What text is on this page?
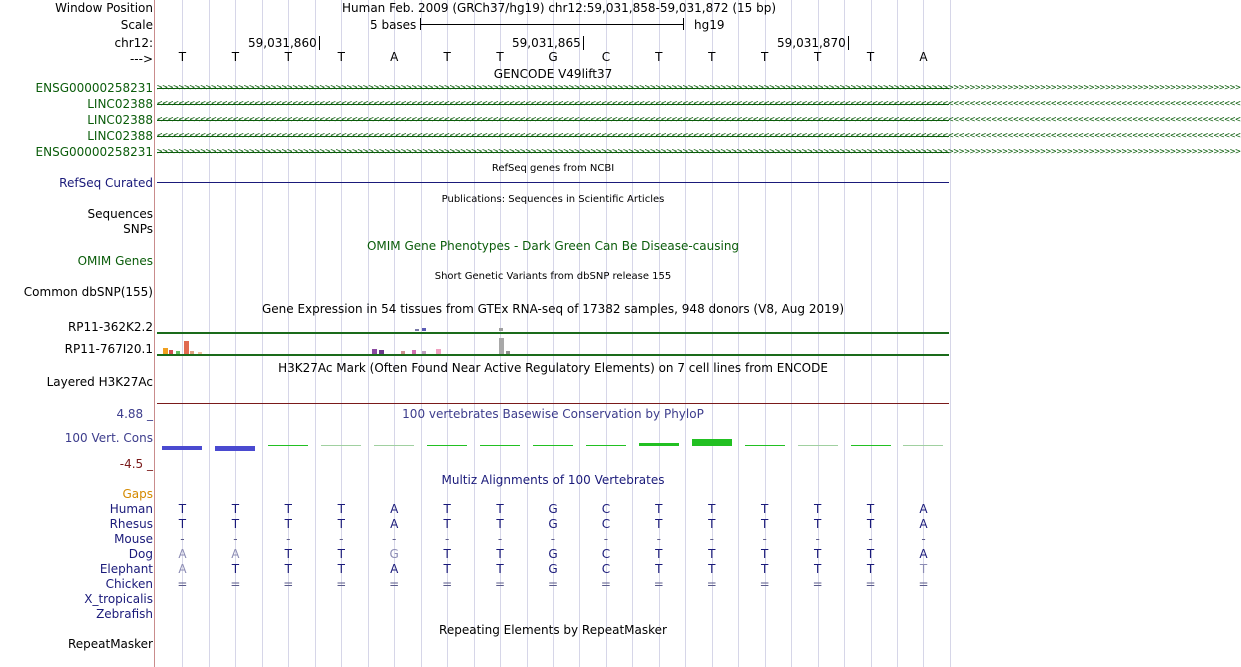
Window Position	Human Feb. 2009 (GRCh37/hg19) chr12:59,031,858-59,031,872 (15 bp)
Scale	5 bases	hg19
chr12:	59,031,860	59,031,865	59,031,870
--->	T	T	T	T	A	T	T	G	C	T	T	T	T	T	A
GENCODE V49lift37
ENSG00000258231 >>>>>>>>>>>>>>>>>>>>>>>>>>>>>>>>>>>>>>>>>>>>>>>>>>>>>>>>>>>>>>>>>>>>>>>>>>>>>>>>>>>>>>>>>>>>>>>>>>>>>>>>>>>>>>>>>>>>>>>>>>>>>>>>>>>>>>>>>>>>>>>>>>>>>>>>>>>>>>>>>>>>>>>>>>>>>>>>>>>>>>>>>>>>>>>>>>>>>>>>
LINC02388 <<<<<<<<<<<<<<<<<<<<<<<<<<<<<<<<<<<<<<<<<<<<<<<<<<<<<<<<<<<<<<<<<<<<<<<<<<<<<<<<<<<<<<<<<<<<<<<<<<<<<<<<<<<<<<<<<<<<<<<<<<<<<<<<<<<<<<<<<<<<<<<<<<<<<<<<<<<<<<<<<<<<<<<<<<<<<<<<<<<<<<<<<<<<<<<<<<<<<<<<
LINC02388 <<<<<<<<<<<<<<<<<<<<<<<<<<<<<<<<<<<<<<<<<<<<<<<<<<<<<<<<<<<<<<<<<<<<<<<<<<<<<<<<<<<<<<<<<<<<<<<<<<<<<<<<<<<<<<<<<<<<<<<<<<<<<<<<<<<<<<<<<<<<<<<<<<<<<<<<<<<<<<<<<<<<<<<<<<<<<<<<<<<<<<<<<<<<<<<<<<<<<<<<
LINC02388 <<<<<<<<<<<<<<<<<<<<<<<<<<<<<<<<<<<<<<<<<<<<<<<<<<<<<<<<<<<<<<<<<<<<<<<<<<<<<<<<<<<<<<<<<<<<<<<<<<<<<<<<<<<<<<<<<<<<<<<<<<<<<<<<<<<<<<<<<<<<<<<<<<<<<<<<<<<<<<<<<<<<<<<<<<<<<<<<<<<<<<<<<<<<<<<<<<<<<<<<
ENSG00000258231 >>>>>>>>>>>>>>>>>>>>>>>>>>>>>>>>>>>>>>>>>>>>>>>>>>>>>>>>>>>>>>>>>>>>>>>>>>>>>>>>>>>>>>>>>>>>>>>>>>>>>>>>>>>>>>>>>>>>>>>>>>>>>>>>>>>>>>>>>>>>>>>>>>>>>>>>>>>>>>>>>>>>>>>>>>>>>>>>>>>>>>>>>>>>>>>>>>>>>>>>
RefSeq genes from NCBI
RefSeq Curated
Publications: Sequences in Scientific Articles
Sequences
SNPs
OMIM Gene Phenotypes - Dark Green Can Be Disease-causing
OMIM Genes
Short Genetic Variants from dbSNP release 155
Common dbSNP(155)
Gene Expression in 54 tissues from GTEx RNA-seq of 17382 samples, 948 donors (V8, Aug 2019)
RP11-362K2.2
RP11-767I20.1
H3K27Ac Mark (Often Found Near Active Regulatory Elements) on 7 cell lines from ENCODE
Layered H3K27Ac
100 vertebrates Basewise Conservation by PhyloP
4.88 _
100 Vert. Cons
-4.5 _
Multiz Alignments of 100 Vertebrates
Gaps
Human	T	T	T	T	A	T	T	G	C	T	T	T	T	T	A
Rhesus	T	T	T	T	A	T	T	G	C	T	T	T	T	T	A
Mouse	-	-	-	-	-	-	-	-	-	-	-	-	-	-	-
Dog	A	A	T	T	G	T	T	G	C	T	T	T	T	T	A
Elephant	A	T	T	T	A	T	T	G	C	T	T	T	T	T	T
Chicken	=	=	=	=	=	=	=	=	=	=	=	=	=	=	=
X_tropicalis
Zebrafish
Repeating Elements by RepeatMasker
RepeatMasker
